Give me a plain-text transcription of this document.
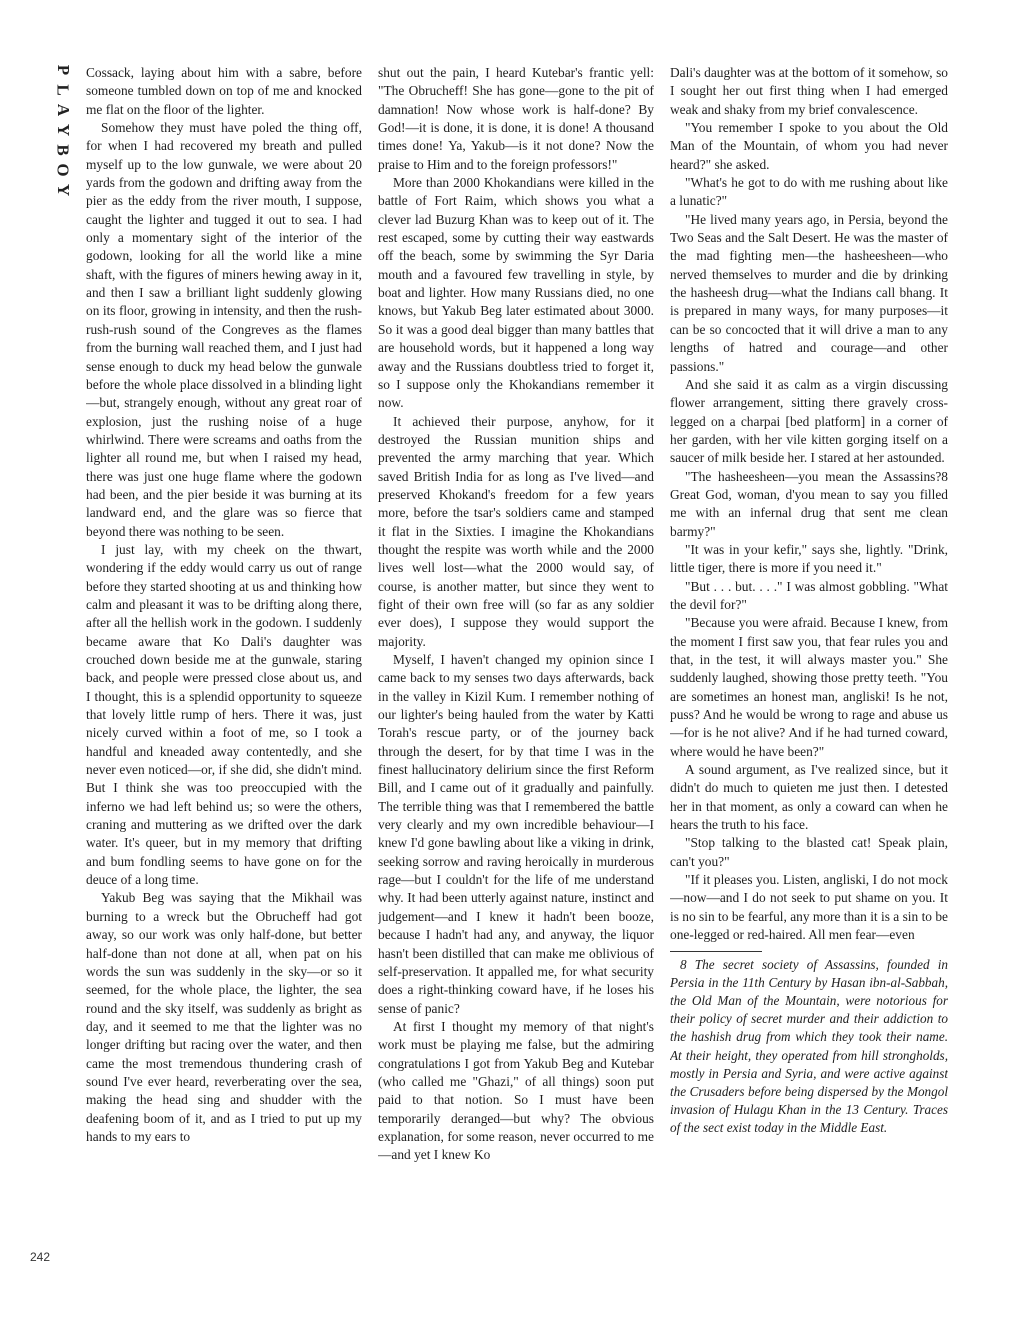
P
L
A
Y
B
O
Y

Cossack, laying about him with a sabre, before someone tumbled down on top of me and knocked me flat on the floor of the lighter.

Somehow they must have poled the thing off, for when I had recovered my breath and pulled myself up to the low gunwale, we were about 20 yards from the godown and drifting away from the pier as the eddy from the river mouth, I suppose, caught the lighter and tugged it out to sea. I had only a momentary sight of the interior of the godown, looking for all the world like a mine shaft, with the figures of miners hewing away in it, and then I saw a brilliant light suddenly glowing on its floor, growing in intensity, and then the rush-rush-rush sound of the Congreves as the flames from the burning wall reached them, and I just had sense enough to duck my head below the gunwale before the whole place dissolved in a blinding light—but, strangely enough, without any great roar of explosion, just the rushing noise of a huge whirlwind. There were screams and oaths from the lighter all round me, but when I raised my head, there was just one huge flame where the godown had been, and the pier beside it was burning at its landward end, and the glare was so fierce that beyond there was nothing to be seen.

I just lay, with my cheek on the thwart, wondering if the eddy would carry us out of range before they started shooting at us and thinking how calm and pleasant it was to be drifting along there, after all the hellish work in the godown. I suddenly became aware that Ko Dali's daughter was crouched down beside me at the gunwale, staring back, and people were pressed close about us, and I thought, this is a splendid opportunity to squeeze that lovely little rump of hers. There it was, just nicely curved within a foot of me, so I took a handful and kneaded away contentedly, and she never even noticed—or, if she did, she didn't mind. But I think she was too preoccupied with the inferno we had left behind us; so were the others, craning and muttering as we drifted over the dark water. It's queer, but in my memory that drifting and bum fondling seems to have gone on for the deuce of a long time.

Yakub Beg was saying that the Mikhail was burning to a wreck but the Obrucheff had got away, so our work was only half-done, but better half-done than not done at all, when pat on his words the sun was suddenly in the sky—or so it seemed, for the whole place, the lighter, the sea round and the sky itself, was suddenly as bright as day, and it seemed to me that the lighter was no longer drifting but racing over the water, and then came the most tremendous thundering crash of sound I've ever heard, reverberating over the sea, making the head sing and shudder with the deafening boom of it, and as I tried to put up my hands to my ears to

shut out the pain, I heard Kutebar's frantic yell: "The Obrucheff! She has gone—gone to the pit of damnation! Now whose work is half-done? By God!—it is done, it is done, it is done! A thousand times done! Ya, Yakub—is it not done? Now the praise to Him and to the foreign professors!"

More than 2000 Khokandians were killed in the battle of Fort Raim, which shows you what a clever lad Buzurg Khan was to keep out of it. The rest escaped, some by cutting their way eastwards off the beach, some by swimming the Syr Daria mouth and a favoured few travelling in style, by boat and lighter. How many Russians died, no one knows, but Yakub Beg later estimated about 3000. So it was a good deal bigger than many battles that are household words, but it happened a long way away and the Russians doubtless tried to forget it, so I suppose only the Khokandians remember it now.

It achieved their purpose, anyhow, for it destroyed the Russian munition ships and prevented the army marching that year. Which saved British India for as long as I've lived—and preserved Khokand's freedom for a few years more, before the tsar's soldiers came and stamped it flat in the Sixties. I imagine the Khokandians thought the respite was worth while and the 2000 lives well lost—what the 2000 would say, of course, is another matter, but since they went to fight of their own free will (so far as any soldier ever does), I suppose they would support the majority.

Myself, I haven't changed my opinion since I came back to my senses two days afterwards, back in the valley in Kizil Kum. I remember nothing of our lighter's being hauled from the water by Katti Torah's rescue party, or of the journey back through the desert, for by that time I was in the finest hallucinatory delirium since the first Reform Bill, and I came out of it gradually and painfully. The terrible thing was that I remembered the battle very clearly and my own incredible behaviour—I knew I'd gone bawling about like a viking in drink, seeking sorrow and raving heroically in murderous rage—but I couldn't for the life of me understand why. It had been utterly against nature, instinct and judgement—and I knew it hadn't been booze, because I hadn't had any, and anyway, the liquor hasn't been distilled that can make me oblivious of self-preservation. It appalled me, for what security does a right-thinking coward have, if he loses his sense of panic?

At first I thought my memory of that night's work must be playing me false, but the admiring congratulations I got from Yakub Beg and Kutebar (who called me "Ghazi," of all things) soon put paid to that notion. So I must have been temporarily deranged—but why? The obvious explanation, for some reason, never occurred to me—and yet I knew Ko

Dali's daughter was at the bottom of it somehow, so I sought her out first thing when I had emerged weak and shaky from my brief convalescence.

"You remember I spoke to you about the Old Man of the Mountain, of whom you had never heard?" she asked.

"What's he got to do with me rushing about like a lunatic?"

"He lived many years ago, in Persia, beyond the Two Seas and the Salt Desert. He was the master of the mad fighting men—the hasheesheen—who nerved themselves to murder and die by drinking the hasheesh drug—what the Indians call bhang. It is prepared in many ways, for many purposes—it can be so concocted that it will drive a man to any lengths of hatred and courage—and other passions."

And she said it as calm as a virgin discussing flower arrangement, sitting there gravely cross-legged on a charpai [bed platform] in a corner of her garden, with her vile kitten gorging itself on a saucer of milk beside her. I stared at her astounded.

"The hasheesheen—you mean the Assassins?8 Great God, woman, d'you mean to say you filled me with an infernal drug that sent me clean barmy?"

"It was in your kefir," says she, lightly. "Drink, little tiger, there is more if you need it."

"But . . . but. . . ." I was almost gobbling. "What the devil for?"

"Because you were afraid. Because I knew, from the moment I first saw you, that fear rules you and that, in the test, it will always master you." She suddenly laughed, showing those pretty teeth. "You are sometimes an honest man, angliski! Is he not, puss? And he would be wrong to rage and abuse us—for is he not alive? And if he had turned coward, where would he have been?"

A sound argument, as I've realized since, but it didn't do much to quieten me just then. I detested her in that moment, as only a coward can when he hears the truth to his face.

"Stop talking to the blasted cat! Speak plain, can't you?"

"If it pleases you. Listen, angliski, I do not mock—now—and I do not seek to put shame on you. It is no sin to be fearful, any more than it is a sin to be one-legged or red-haired. All men fear—even

8 The secret society of Assassins, founded in Persia in the 11th Century by Hasan ibn-al-Sabbah, the Old Man of the Mountain, were notorious for their policy of secret murder and their addiction to the hashish drug from which they took their name. At their height, they operated from hill strongholds, mostly in Persia and Syria, and were active against the Crusaders before being dispersed by the Mongol invasion of Hulagu Khan in the 13 Century. Traces of the sect exist today in the Middle East.

242
